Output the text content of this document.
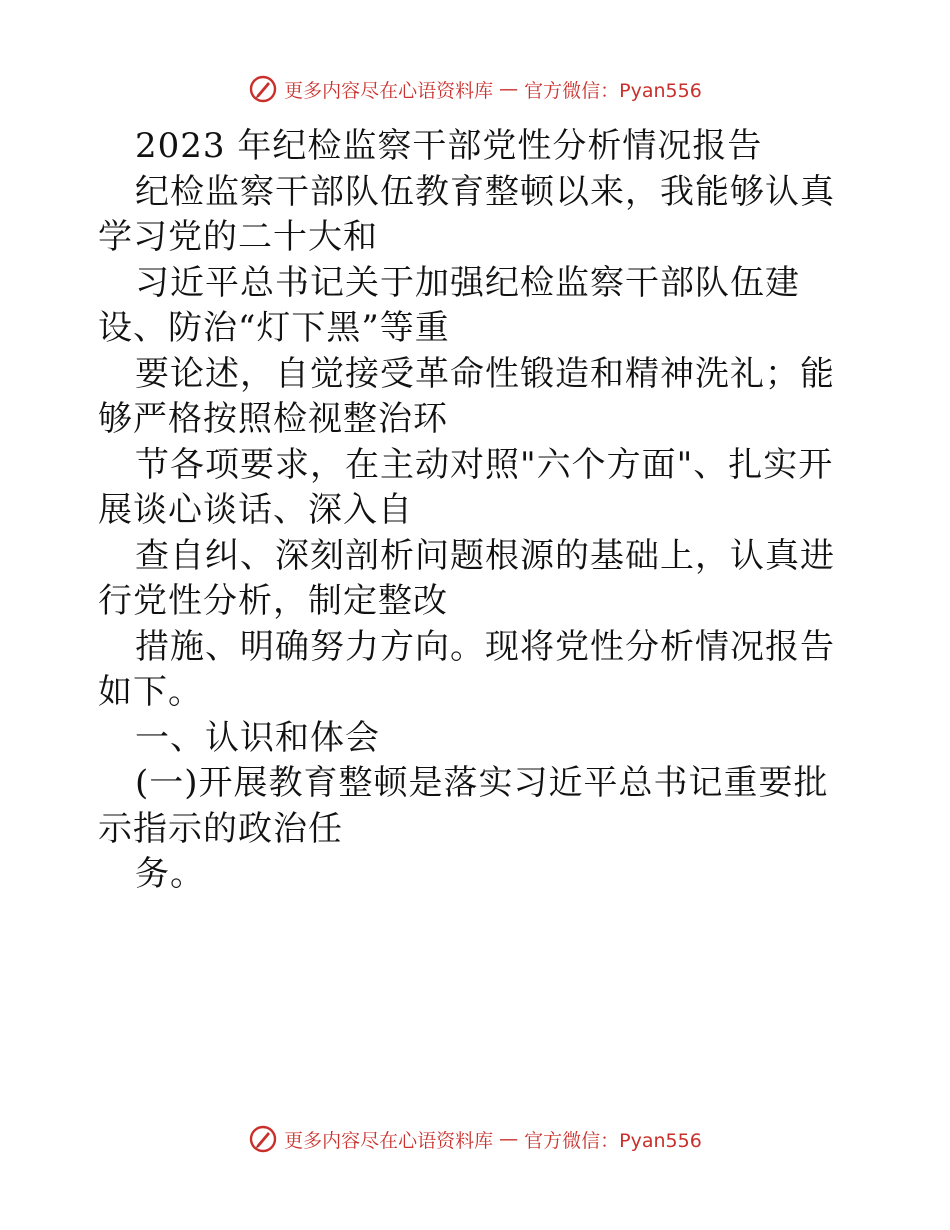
更多内容尽在心语资料库 — 官方微信：Pyan556

2023 年纪检监察干部党性分析情况报告

纪检监察干部队伍教育整顿以来，我能够认真学习党的二十大和

习近平总书记关于加强纪检监察干部队伍建设、防治“灯下黑”等重

要论述，自觉接受革命性锻造和精神洗礼；能够严格按照检视整治环

节各项要求，在主动对照"六个方面"、扎实开展谈心谈话、深入自

查自纠、深刻剖析问题根源的基础上，认真进行党性分析，制定整改

措施、明确努力方向。现将党性分析情况报告如下。

一、认识和体会

(一)开展教育整顿是落实习近平总书记重要批示指示的政治任

务。

更多内容尽在心语资料库 — 官方微信：Pyan556
